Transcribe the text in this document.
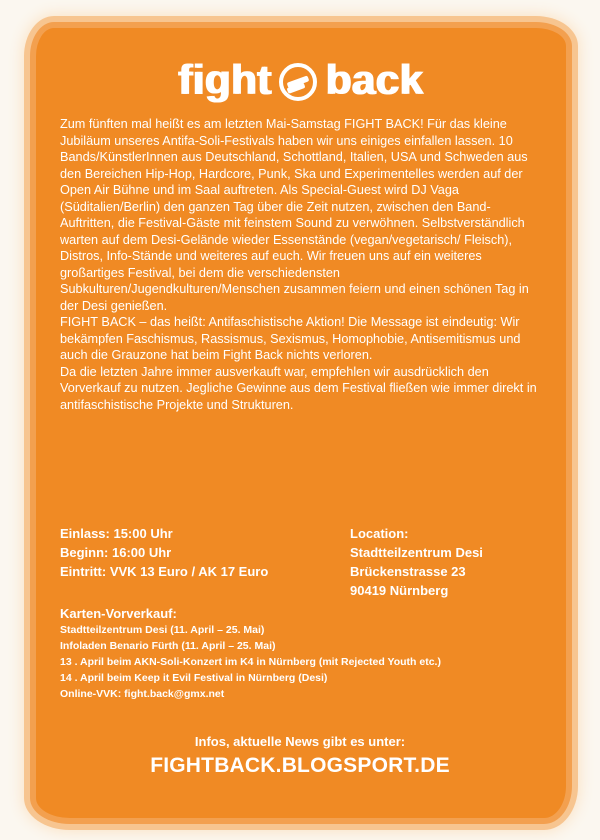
fight back

Zum fünften mal heißt es am letzten Mai-Samstag FIGHT BACK! Für das kleine Jubiläum unseres Antifa-Soli-Festivals haben wir uns einiges einfallen lassen. 10 Bands/KünstlerInnen aus Deutschland, Schottland, Italien, USA und Schweden aus den Bereichen Hip-Hop, Hardcore, Punk, Ska und Experimentelles werden auf der Open Air Bühne und im Saal auftreten. Als Special-Guest wird DJ Vaga (Süditalien/Berlin) den ganzen Tag über die Zeit nutzen, zwischen den Band-Auftritten, die Festival-Gäste mit feinstem Sound zu verwöhnen. Selbstverständlich warten auf dem Desi-Gelände wieder Essenstände (vegan/vegetarisch/ Fleisch), Distros, Info-Stände und weiteres auf euch. Wir freuen uns auf ein weiteres großartiges Festival, bei dem die verschiedensten Subkulturen/Jugendkulturen/Menschen zusammen feiern und einen schönen Tag in der Desi genießen.

FIGHT BACK – das heißt: Antifaschistische Aktion! Die Message ist eindeutig: Wir bekämpfen Faschismus, Rassismus, Sexismus, Homophobie, Antisemitismus und auch die Grauzone hat beim Fight Back nichts verloren.

Da die letzten Jahre immer ausverkauft war, empfehlen wir ausdrücklich den Vorverkauf zu nutzen. Jegliche Gewinne aus dem Festival fließen wie immer direkt in antifaschistische Projekte und Strukturen.

Einlass: 15:00 Uhr
Beginn: 16:00 Uhr
Eintritt: VVK 13 Euro / AK 17 Euro
Location:
Stadtteilzentrum Desi
Brückenstrasse 23
90419 Nürnberg
Karten-Vorverkauf:
Stadtteilzentrum Desi (11. April – 25. Mai)
Infoladen Benario Fürth (11. April – 25. Mai)
13 . April beim AKN-Soli-Konzert im K4 in Nürnberg (mit Rejected Youth etc.)
14 . April beim Keep it Evil Festival in Nürnberg (Desi)
Online-VVK: fight.back@gmx.net
Infos, aktuelle News gibt es unter:
FIGHTBACK.BLOGSPORT.DE
